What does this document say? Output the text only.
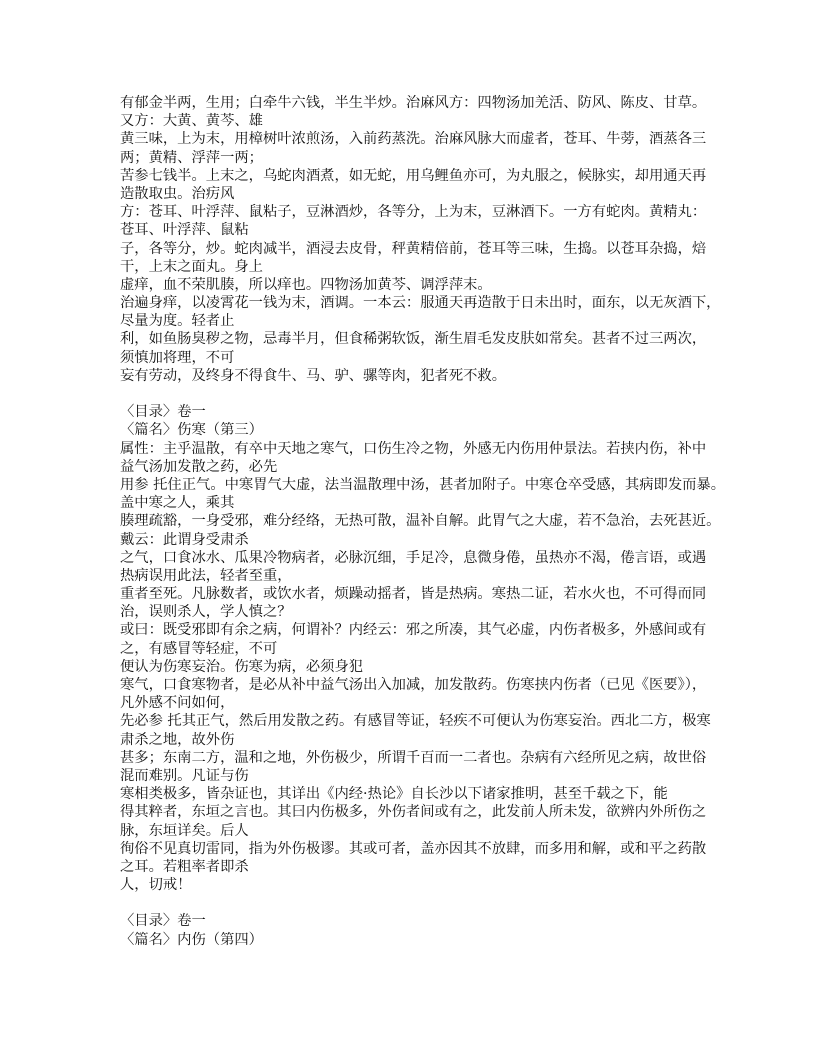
有郁金半两，生用；白牵牛六钱，半生半炒。治麻风方：四物汤加羌活、防风、陈皮、甘草。
又方：大黄、黄芩、雄
黄三味，上为末，用樟树叶浓煎汤，入前药蒸洗。治麻风脉大而虚者，苍耳、牛蒡，酒蒸各三
两；黄精、浮萍一两；
苦参七钱半。上末之，乌蛇肉酒煮，如无蛇，用乌鲤鱼亦可，为丸服之，候脉实，却用通天再
造散取虫。治疠风
方：苍耳、叶浮萍、鼠粘子，豆淋酒炒，各等分，上为末，豆淋酒下。一方有蛇肉。黄精丸：
苍耳、叶浮萍、鼠粘
子，各等分，炒。蛇肉减半，酒浸去皮骨，秤黄精倍前，苍耳等三味，生捣。以苍耳杂捣，焙
干，上末之面丸。身上
虚痒，血不荣肌腠，所以痒也。四物汤加黄芩、调浮萍末。
治遍身痒，以凌霄花一钱为末，酒调。一本云：服通天再造散于日未出时，面东，以无灰酒下，
尽量为度。轻者止
利，如鱼肠臭秽之物，忌毒半月，但食稀粥软饭，渐生眉毛发皮肤如常矣。甚者不过三两次，
须慎加将理，不可
妄有劳动，及终身不得食牛、马、驴、骡等肉，犯者死不救。
〈目录〉卷一
〈篇名〉伤寒（第三）
属性：主乎温散，有卒中天地之寒气，口伤生冷之物，外感无内伤用仲景法。若挟内伤，补中
益气汤加发散之药，必先
用参 托住正气。中寒胃气大虚，法当温散理中汤，甚者加附子。中寒仓卒受感，其病即发而暴。
盖中寒之人，乘其
腠理疏豁，一身受邪，难分经络，无热可散，温补自解。此胃气之大虚，若不急治，去死甚近。
戴云：此谓身受肃杀
之气，口食冰水、瓜果冷物病者，必脉沉细，手足冷，息微身倦，虽热亦不渴，倦言语，或遇
热病误用此法，轻者至重，
重者至死。凡脉数者，或饮水者，烦躁动摇者，皆是热病。寒热二证，若水火也，不可得而同
治，误则杀人，学人慎之？
或曰：既受邪即有余之病，何谓补？内经云：邪之所凑，其气必虚，内伤者极多，外感间或有
之，有感冒等轻症，不可
便认为伤寒妄治。伤寒为病，必须身犯
寒气，口食寒物者，是必从补中益气汤出入加减，加发散药。伤寒挟内伤者（已见《医要》），
凡外感不问如何，
先必参 托其正气，然后用发散之药。有感冒等证，轻疾不可便认为伤寒妄治。西北二方，极寒
肃杀之地，故外伤
甚多；东南二方，温和之地，外伤极少，所谓千百而一二者也。杂病有六经所见之病，故世俗
混而难别。凡证与伤
寒相类极多，皆杂证也，其详出《内经·热论》自长沙以下诸家推明，甚至千载之下，能
得其粹者，东垣之言也。其曰内伤极多，外伤者间或有之，此发前人所未发，欲辨内外所伤之
脉，东垣详矣。后人
徇俗不见真切雷同，指为外伤极谬。其或可者，盖亦因其不放肆，而多用和解，或和平之药散
之耳。若粗率者即杀
人，切戒！
〈目录〉卷一
〈篇名〉内伤（第四）
